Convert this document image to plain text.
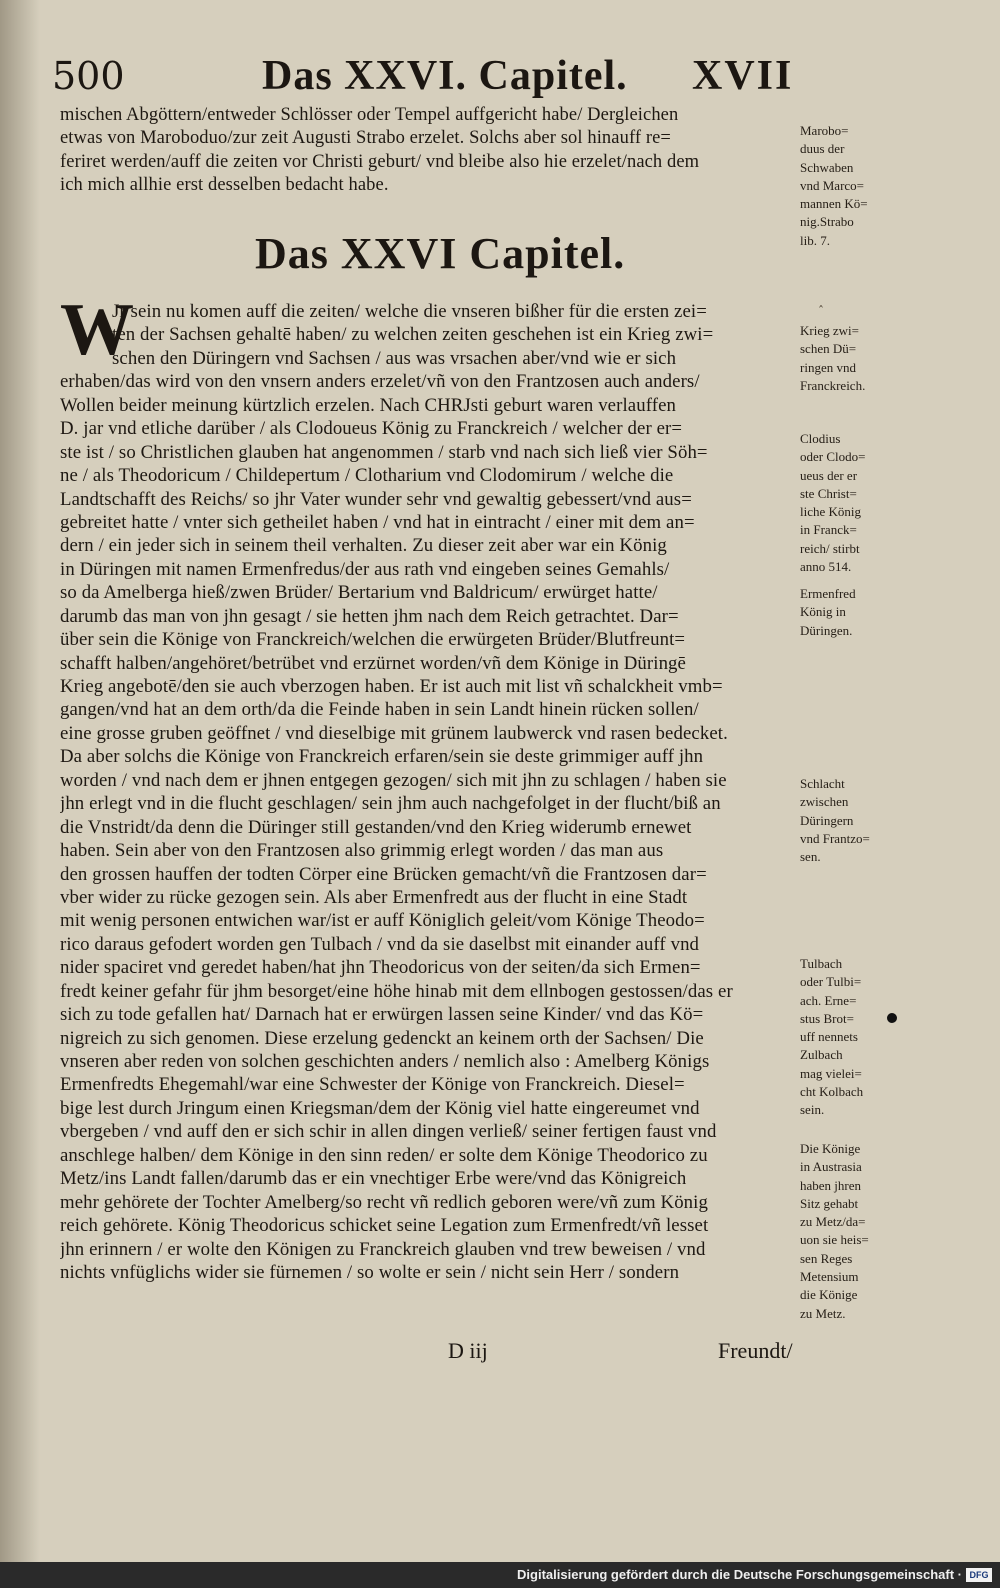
500	Das XXVI. Capitel. XVII
mischen Abgöttern/entweder Schlösser oder Tempel auffgericht habe/ Dergleichen
etwas von Maroboduo/zur zeit Augusti Strabo erzelet. Solchs aber sol hinauff re=
feriret werden/auff die zeiten vor Christi geburt/ vnd bleibe also hie erzelet/nach dem
ich mich allhie erst desselben bedacht habe.
Das XXVI Capitel.
W	ˆ
Jr sein nu komen auff die zeiten/ welche die vnseren bißher für die ersten zei=
ten der Sachsen gehaltē haben/ zu welchen zeiten geschehen ist ein Krieg zwi=
schen den Düringern vnd Sachsen / aus was vrsachen aber/vnd wie er sich
erhaben/das wird von den vnsern anders erzelet/vñ von den Frantzosen auch anders/
Wollen beider meinung kürtzlich erzelen. Nach CHRJsti geburt waren verlauffen
D. jar vnd etliche darüber / als Clodoueus König zu Franckreich / welcher der er=
ste ist / so Christlichen glauben hat angenommen / starb vnd nach sich ließ vier Söh=
ne / als Theodoricum / Childepertum / Clotharium vnd Clodomirum / welche die
Landtschafft des Reichs/ so jhr Vater wunder sehr vnd gewaltig gebessert/vnd aus=
gebreitet hatte / vnter sich getheilet haben / vnd hat in eintracht / einer mit dem an=
dern / ein jeder sich in seinem theil verhalten. Zu dieser zeit aber war ein König
in Düringen mit namen Ermenfredus/der aus rath vnd eingeben seines Gemahls/
so da Amelberga hieß/zwen Brüder/ Bertarium vnd Baldricum/ erwürget hatte/
darumb das man von jhn gesagt / sie hetten jhm nach dem Reich getrachtet. Dar=
über sein die Könige von Franckreich/welchen die erwürgeten Brüder/Blutfreunt=
schafft halben/angehöret/betrübet vnd erzürnet worden/vñ dem Könige in Düringē
Krieg angebotē/den sie auch vberzogen haben. Er ist auch mit list vñ schalckheit vmb=
gangen/vnd hat an dem orth/da die Feinde haben in sein Landt hinein rücken sollen/
eine grosse gruben geöffnet / vnd dieselbige mit grünem laubwerck vnd rasen bedecket.
Da aber solchs die Könige von Franckreich erfaren/sein sie deste grimmiger auff jhn
worden / vnd nach dem er jhnen entgegen gezogen/ sich mit jhn zu schlagen / haben sie
jhn erlegt vnd in die flucht geschlagen/ sein jhm auch nachgefolget in der flucht/biß an
die Vnstridt/da denn die Düringer still gestanden/vnd den Krieg widerumb ernewet
haben. Sein aber von den Frantzosen also grimmig erlegt worden / das man aus
den grossen hauffen der todten Cörper eine Brücken gemacht/vñ die Frantzosen dar=
vber wider zu rücke gezogen sein. Als aber Ermenfredt aus der flucht in eine Stadt
mit wenig personen entwichen war/ist er auff Königlich geleit/vom Könige Theodo=
rico daraus gefodert worden gen Tulbach / vnd da sie daselbst mit einander auff vnd
nider spaciret vnd geredet haben/hat jhn Theodoricus von der seiten/da sich Ermen=
fredt keiner gefahr für jhm besorget/eine höhe hinab mit dem ellnbogen gestossen/das er
sich zu tode gefallen hat/ Darnach hat er erwürgen lassen seine Kinder/ vnd das Kö=
nigreich zu sich genomen. Diese erzelung gedenckt an keinem orth der Sachsen/ Die
vnseren aber reden von solchen geschichten anders / nemlich also : Amelberg Königs
Ermenfredts Ehegemahl/war eine Schwester der Könige von Franckreich. Diesel=
bige lest durch Jringum einen Kriegsman/dem der König viel hatte eingereumet vnd
vbergeben / vnd auff den er sich schir in allen dingen verließ/ seiner fertigen faust vnd
anschlege halben/ dem Könige in den sinn reden/ er solte dem Könige Theodorico zu
Metz/ins Landt fallen/darumb das er ein vnechtiger Erbe were/vnd das Königreich
mehr gehörete der Tochter Amelberg/so recht vñ redlich geboren were/vñ zum König
reich gehörete. König Theodoricus schicket seine Legation zum Ermenfredt/vñ lesset
jhn erinnern / er wolte den Königen zu Franckreich glauben vnd trew beweisen / vnd
nichts vnfüglichs wider sie fürnemen / so wolte er sein / nicht sein Herr / sondern
Marobo=
duus der
Schwaben
vnd Marco=
mannen Kö=
nig.Strabo
lib. 7.
Krieg zwi=
schen Dü=
ringen vnd
Franckreich.
Clodius
oder Clodo=
ueus der er
ste Christ=
liche König
in Franck=
reich/ stirbt
anno 514.
Ermenfred
König in
Düringen.
Schlacht
zwischen
Düringern
vnd Frantzo=
sen.
Tulbach
oder Tulbi=
ach. Erne=
stus Brot=
uff nennets
Zulbach
mag vielei=
cht Kolbach
sein.
Die Könige
in Austrasia
haben jhren
Sitz gehabt
zu Metz/da=
uon sie heis=
sen Reges
Metensium
die Könige
zu Metz.
D iij	Freundt/
Digitalisierung gefördert durch die Deutsche Forschungsgemeinschaft · DFG
